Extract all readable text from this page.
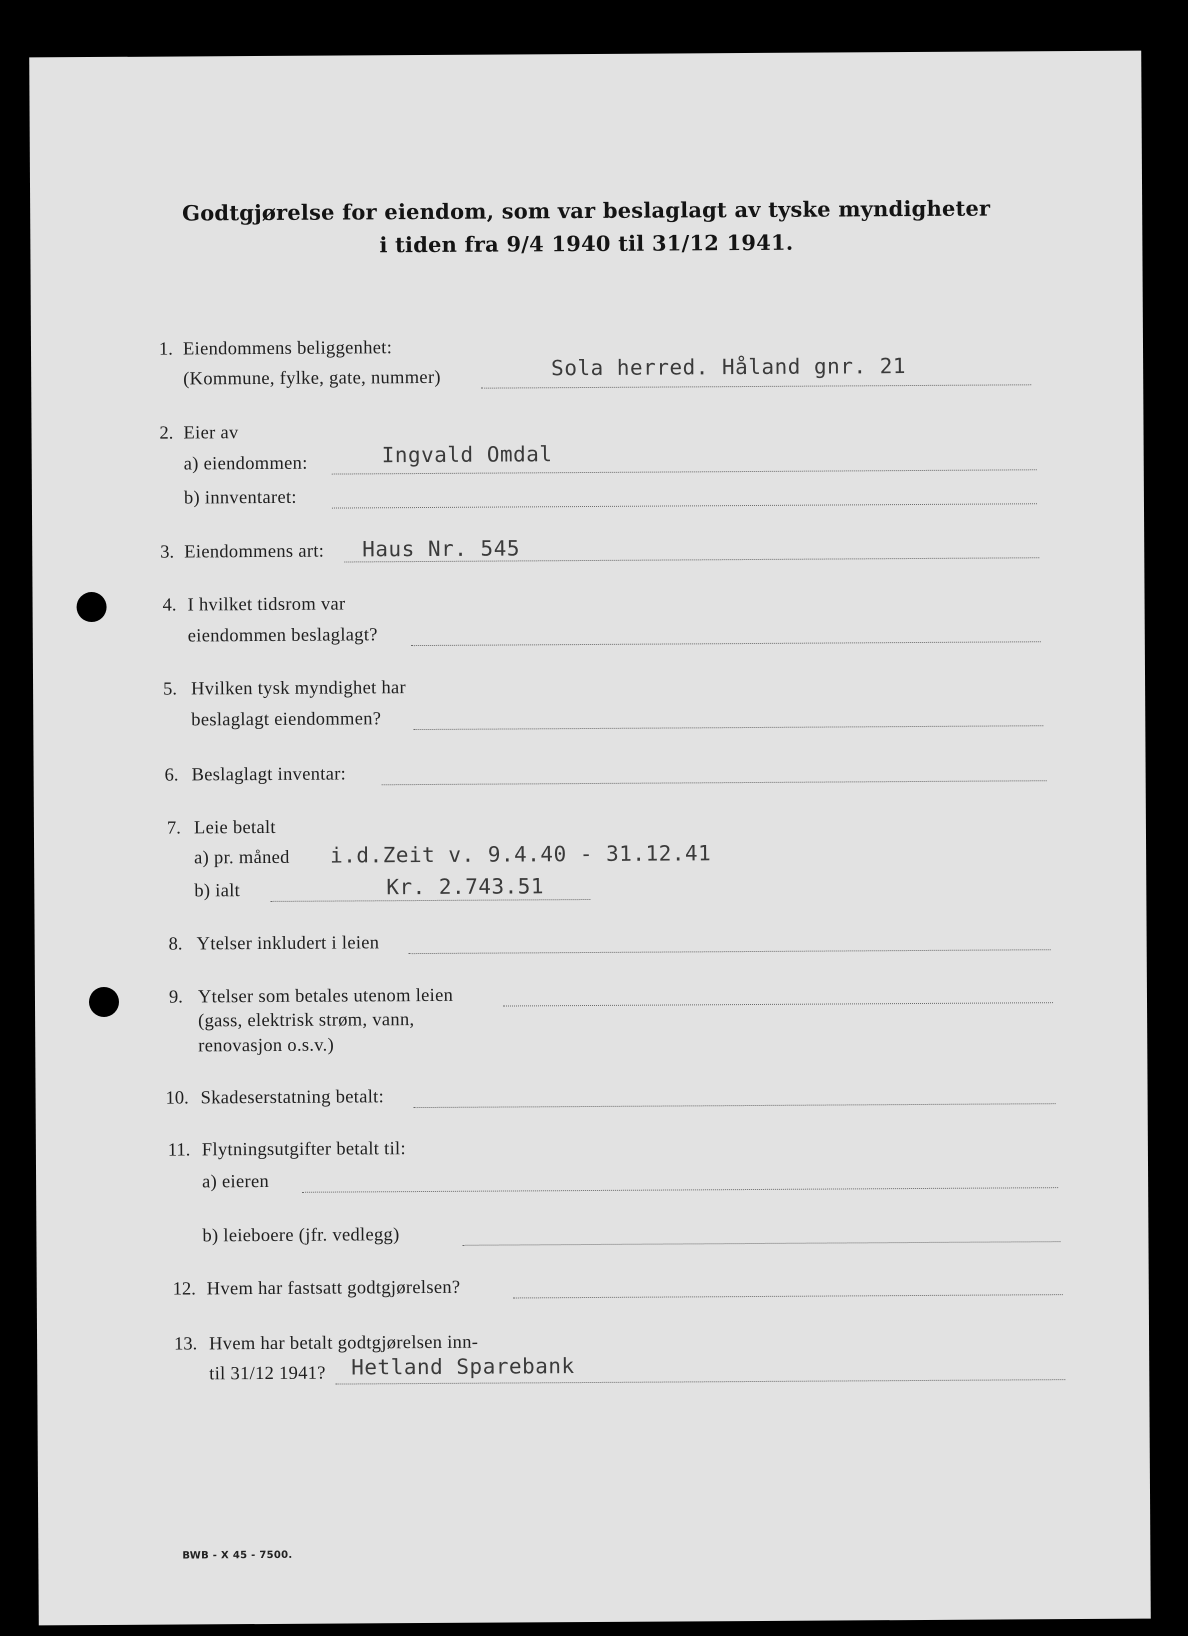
Godtgjørelse for eiendom, som var beslaglagt av tyske myndigheter
i tiden fra 9/4 1940 til 31/12 1941.
1. Eiendommens beliggenhet:
(Kommune, fylke, gate, nummer)	Sola herred. Håland gnr. 21
2. Eier av
a) eiendommen:	Ingvald Omdal
b) innventaret:
3. Eiendommens art: Haus Nr. 545
4. I hvilket tidsrom var
eiendommen beslaglagt?
5. Hvilken tysk myndighet har
beslaglagt eiendommen?
6. Beslaglagt inventar:
7. Leie betalt
a) pr. måned i.d.Zeit v. 9.4.40 - 31.12.41
b) ialt	Kr. 2.743.51
8. Ytelser inkludert i leien
9. Ytelser som betales utenom leien
(gass, elektrisk strøm, vann,
renovasjon o.s.v.)
10. Skadeserstatning betalt:
11. Flytningsutgifter betalt til:
a) eieren
b) leieboere (jfr. vedlegg)
12. Hvem har fastsatt godtgjørelsen?
13. Hvem har betalt godtgjørelsen inn-
til 31/12 1941? Hetland Sparebank
BWB - X 45 - 7500.
